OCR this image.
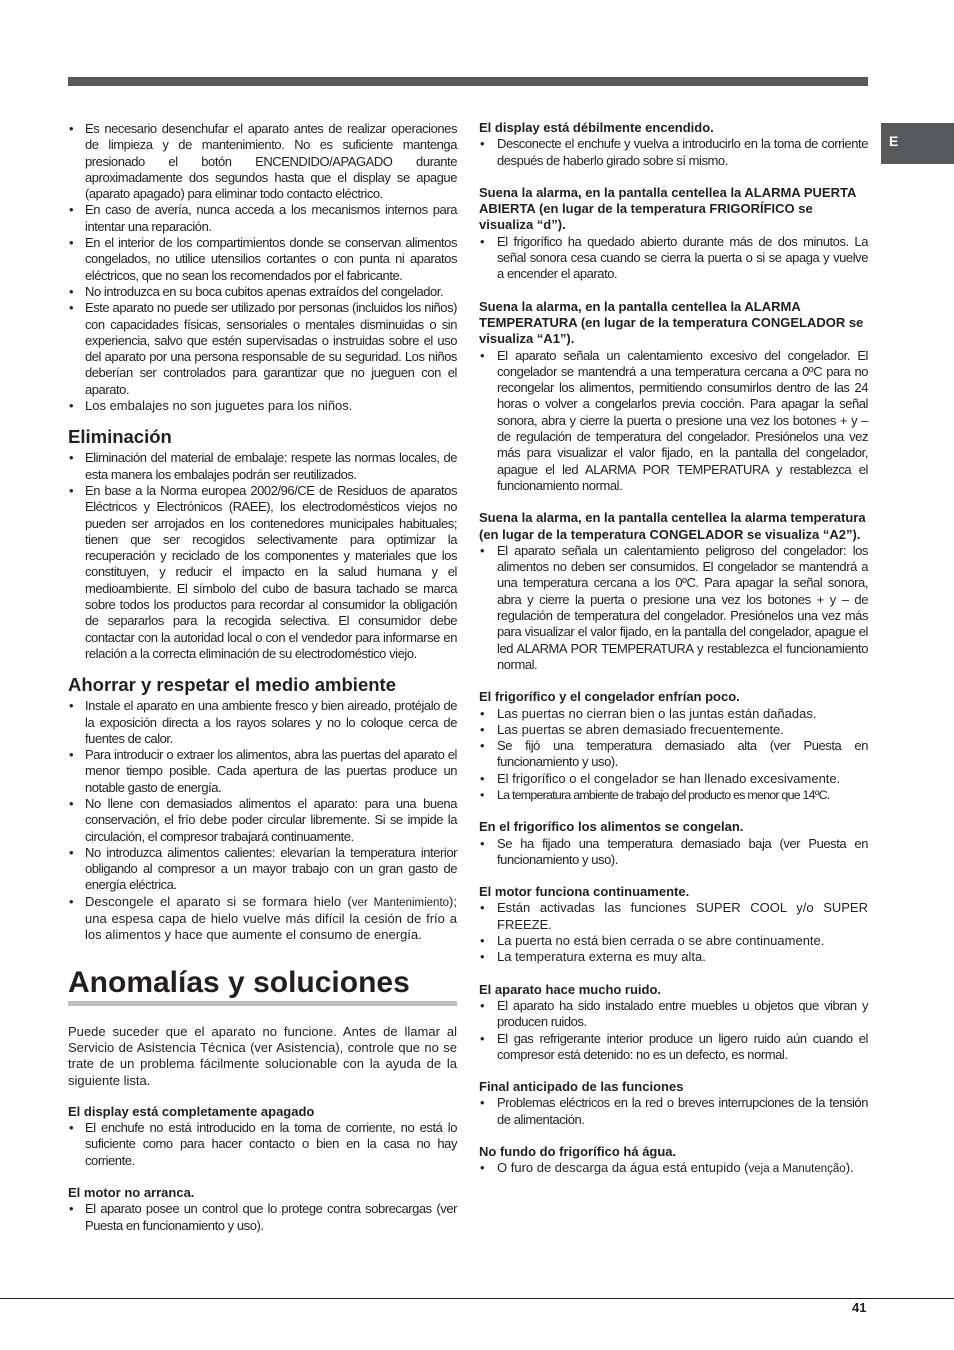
E
• Es necesario desenchufar el aparato antes de realizar operaciones de limpieza y de mantenimiento. No es suficiente mantenga presionado el botón ENCENDIDO/APAGADO durante aproximadamente dos segundos hasta que el display se apague (aparato apagado) para eliminar todo contacto eléctrico.
• En caso de avería, nunca acceda a los mecanismos internos para intentar una reparación.
• En el interior de los compartimientos donde se conservan alimentos congelados, no utilice utensilios cortantes o con punta ni aparatos eléctricos, que no sean los recomendados por el fabricante.
• No introduzca en su boca cubitos apenas extraídos del congelador.
• Este aparato no puede ser utilizado por personas (incluidos los niños) con capacidades físicas, sensoriales o mentales disminuidas o sin experiencia, salvo que estén supervisadas o instruidas sobre el uso del aparato por una persona responsable de su seguridad. Los niños deberían ser controlados para garantizar que no jueguen con el aparato.
• Los embalajes no son juguetes para los niños.
Eliminación
• Eliminación del material de embalaje: respete las normas locales, de esta manera los embalajes podrán ser reutilizados.
• En base a la Norma europea 2002/96/CE de Residuos de aparatos Eléctricos y Electrónicos (RAEE), los electrodomésticos viejos no pueden ser arrojados en los contenedores municipales habituales; tienen que ser recogidos selectivamente para optimizar la recuperación y reciclado de los componentes y materiales que los constituyen, y reducir el impacto en la salud humana y el medioambiente. El símbolo del cubo de basura tachado se marca sobre todos los productos para recordar al consumidor la obligación de separarlos para la recogida selectiva. El consumidor debe contactar con la autoridad local o con el vendedor para informarse en relación a la correcta eliminación de su electrodoméstico viejo.
Ahorrar y respetar el medio ambiente
• Instale el aparato en una ambiente fresco y bien aireado, protéjalo de la exposición directa a los rayos solares y no lo coloque cerca de fuentes de calor.
• Para introducir o extraer los alimentos, abra las puertas del aparato el menor tiempo posible. Cada apertura de las puertas produce un notable gasto de energía.
• No llene con demasiados alimentos el aparato: para una buena conservación, el frío debe poder circular libremente. Si se impide la circulación, el compresor trabajará continuamente.
• No introduzca alimentos calientes: elevarían la temperatura interior obligando al compresor a un mayor trabajo con un gran gasto de energía eléctrica.
• Descongele el aparato si se formara hielo (ver Mantenimiento); una espesa capa de hielo vuelve más difícil la cesión de frío a los alimentos y hace que aumente el consumo de energía.
Anomalías y soluciones

Puede suceder que el aparato no funcione. Antes de llamar al Servicio de Asistencia Técnica (ver Asistencia), controle que no se trate de un problema fácilmente solucionable con la ayuda de la siguiente lista.

El display está completamente apagado
• El enchufe no está introducido en la toma de corriente, no está lo suficiente como para hacer contacto o bien en la casa no hay corriente.
El motor no arranca.
• El aparato posee un control que lo protege contra sobrecargas (ver Puesta en funcionamiento y uso).
El display está débilmente encendido.
• Desconecte el enchufe y vuelva a introducirlo en la toma de corriente después de haberlo girado sobre sí mismo.
Suena la alarma, en la pantalla centellea la ALARMA PUERTA ABIERTA (en lugar de la temperatura FRIGORÍFICO se visualiza “d”).
• El frigorífico ha quedado abierto durante más de dos minutos. La señal sonora cesa cuando se cierra la puerta o si se apaga y vuelve a encender el aparato.
Suena la alarma, en la pantalla centellea la ALARMA TEMPERATURA (en lugar de la temperatura CONGELADOR se visualiza “A1”).
• El aparato señala un calentamiento excesivo del congelador. El congelador se mantendrá a una temperatura cercana a 0ºC para no recongelar los alimentos, permitiendo consumirlos dentro de las 24 horas o volver a congelarlos previa cocción. Para apagar la señal sonora, abra y cierre la puerta o presione una vez los botones + y – de regulación de temperatura del congelador. Presiónelos una vez más para visualizar el valor fijado, en la pantalla del congelador, apague el led ALARMA POR TEMPERATURA y restablezca el funcionamiento normal.
Suena la alarma, en la pantalla centellea la alarma temperatura (en lugar de la temperatura CONGELADOR se visualiza “A2”).
• El aparato señala un calentamiento peligroso del congelador: los alimentos no deben ser consumidos. El congelador se mantendrá a una temperatura cercana a los 0ºC. Para apagar la señal sonora, abra y cierre la puerta o presione una vez los botones + y – de regulación de temperatura del congelador. Presiónelos una vez más para visualizar el valor fijado, en la pantalla del congelador, apague el led ALARMA POR TEMPERATURA y restablezca el funcionamiento normal.
El frigorífico y el congelador enfrían poco.
• Las puertas no cierran bien o las juntas están dañadas.
• Las puertas se abren demasiado frecuentemente.
• Se fijó una temperatura demasiado alta (ver Puesta en funcionamiento y uso).
• El frigorífico o el congelador se han llenado excesivamente.
• La temperatura ambiente de trabajo del producto es menor que 14ºC.
En el frigorífico los alimentos se congelan.
• Se ha fijado una temperatura demasiado baja (ver Puesta en funcionamiento y uso).
El motor funciona continuamente.
• Están activadas las funciones SUPER COOL y/o SUPER FREEZE.
• La puerta no está bien cerrada o se abre continuamente.
• La temperatura externa es muy alta.
El aparato hace mucho ruido.
• El aparato ha sido instalado entre muebles u objetos que vibran y producen ruidos.
• El gas refrigerante interior produce un ligero ruido aún cuando el compresor está detenido: no es un defecto, es normal.
Final anticipado de las funciones
• Problemas eléctricos en la red o breves interrupciones de la tensión de alimentación.
No fundo do frigorífico há água.
• O furo de descarga da água está entupido (veja a Manutenção).
41
